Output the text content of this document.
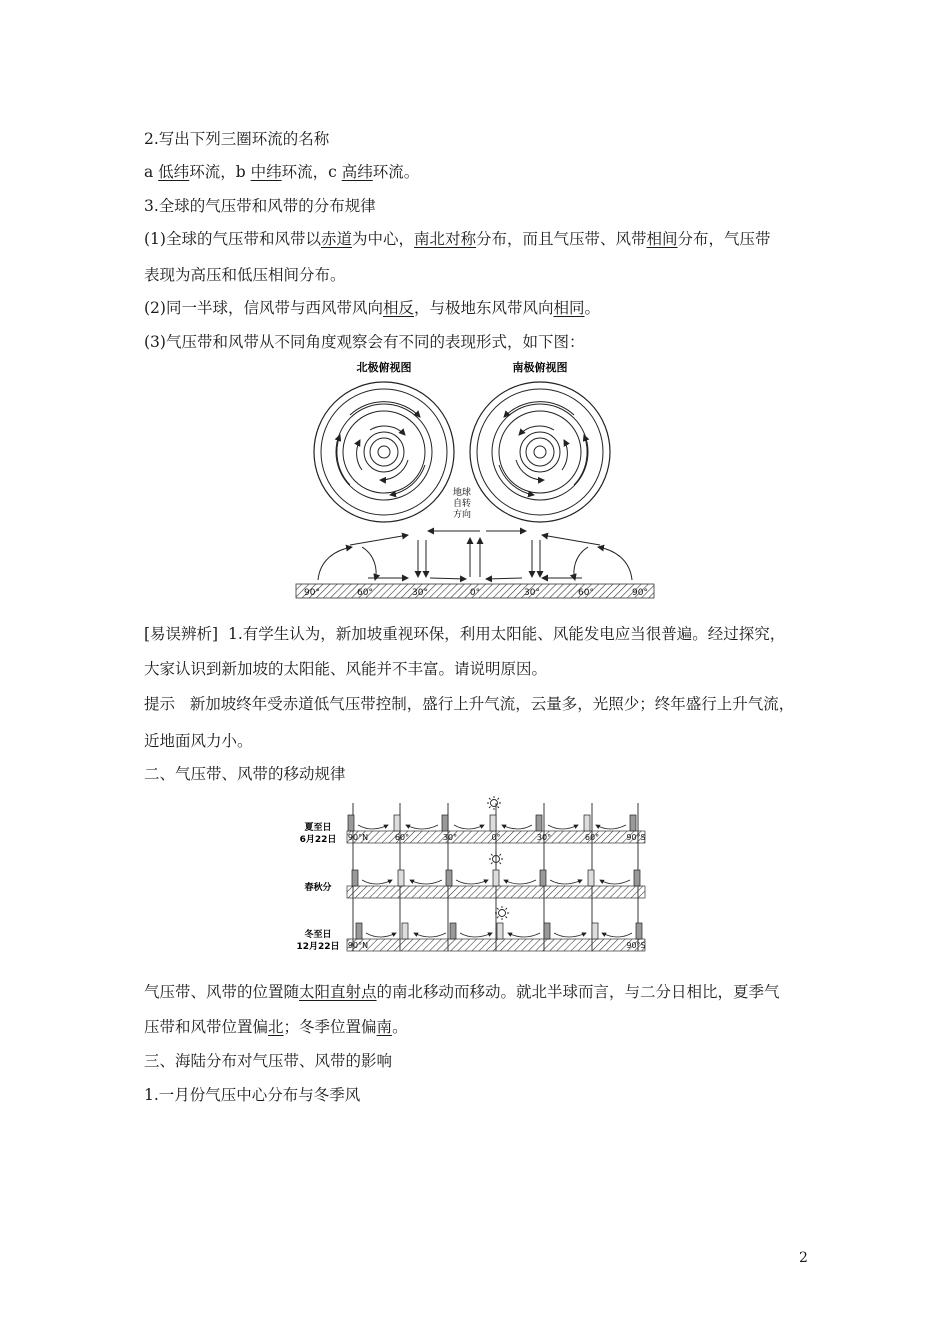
2.写出下列三圈环流的名称
a 低纬环流，b 中纬环流，c 高纬环流。
3.全球的气压带和风带的分布规律
(1)全球的气压带和风带以赤道为中心，南北对称分布，而且气压带、风带相间分布，气压带
表现为高压和低压相间分布。
(2)同一半球，信风带与西风带风向相反，与极地东风带风向相同。
(3)气压带和风带从不同角度观察会有不同的表现形式，如下图：
北极俯视图	南极俯视图
地球
自转
方向
90°	60°	30°	0°	30°	60°	90°
[易误辨析] 1.有学生认为，新加坡重视环保，利用太阳能、风能发电应当很普遍。经过探究，
大家认识到新加坡的太阳能、风能并不丰富。请说明原因。
提示 新加坡终年受赤道低气压带控制，盛行上升气流，云量多，光照少；终年盛行上升气流，
近地面风力小。
二、气压带、风带的移动规律
夏至日
6月22日 90°N	60°	30°	0°	30°	60°	90°S
春秋分
冬至日
12月22日 90°N	90°S
气压带、风带的位置随太阳直射点的南北移动而移动。就北半球而言，与二分日相比，夏季气
压带和风带位置偏北；冬季位置偏南。
三、海陆分布对气压带、风带的影响
1.一月份气压中心分布与冬季风
2
